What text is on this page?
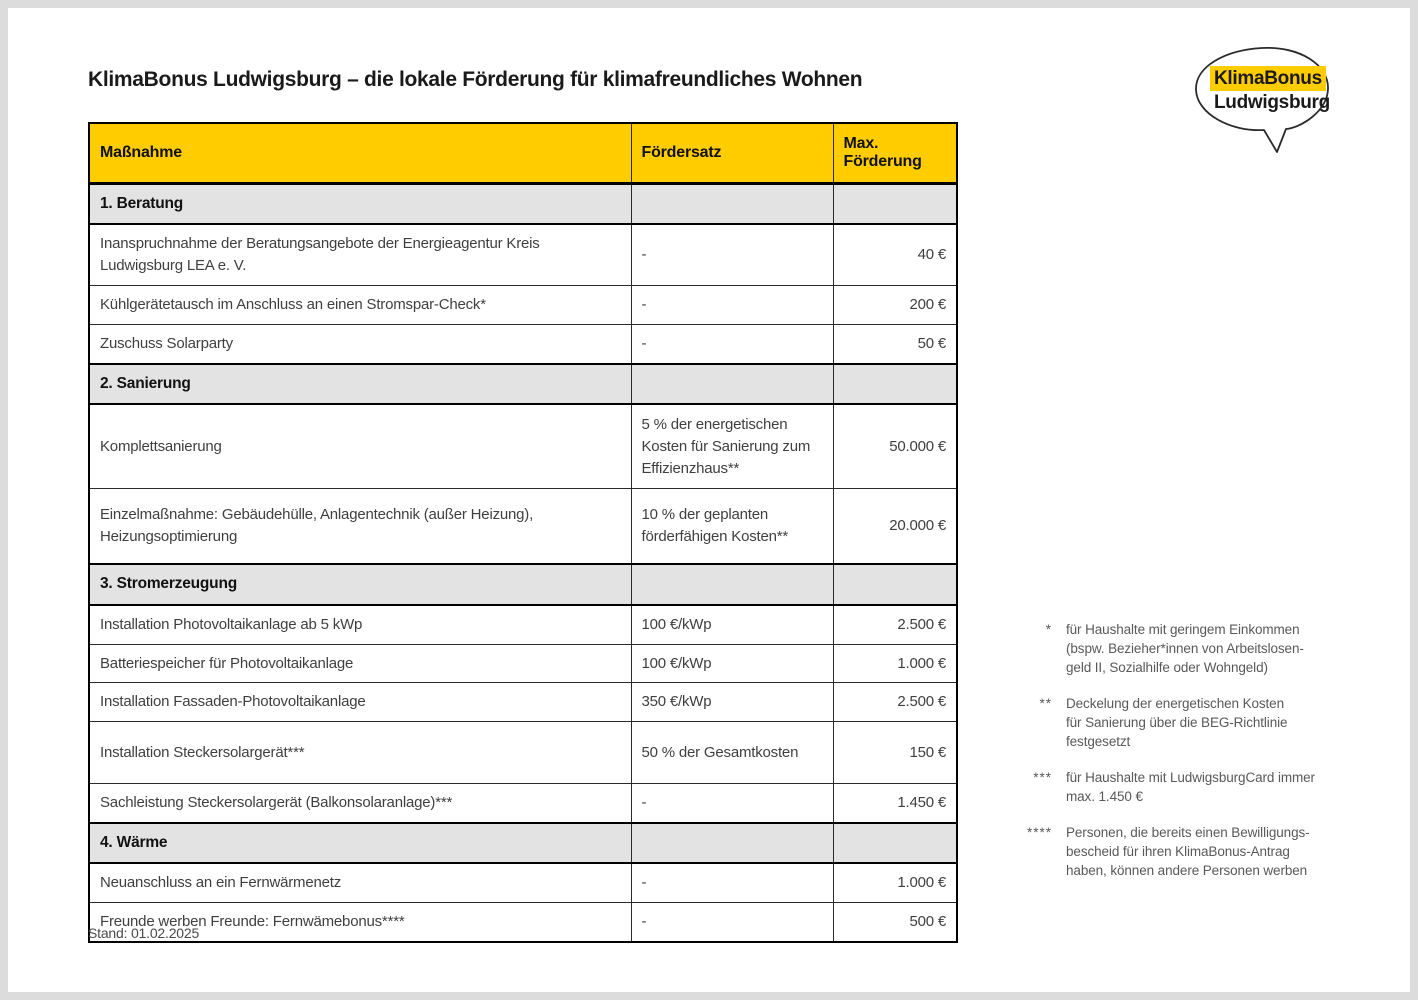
KlimaBonus Ludwigsburg – die lokale Förderung für klimafreundliches Wohnen	KlimaBonus
Ludwigsburg
Maßnahme	Fördersatz	Max. Förderung
1. Beratung		
Inanspruchnahme der Beratungsangebote der Energieagentur Kreis Ludwigsburg LEA e. V.	-	40 €
Kühlgerätetausch im Anschluss an einen Stromspar-Check*	-	200 €
Zuschuss Solarparty	-	50 €
2. Sanierung		
Komplettsanierung	5 % der energetischen Kosten für Sanierung zum Effizienzhaus**	50.000 €
Einzelmaßnahme: Gebäudehülle, Anlagentechnik (außer Heizung), Heizungsoptimierung	10 % der geplanten förderfähigen Kosten**	20.000 €
3. Stromerzeugung		
Installation Photovoltaikanlage ab 5 kWp	100 €/kWp	2.500 €
Batteriespeicher für Photovoltaikanlage	100 €/kWp	1.000 €
Installation Fassaden-Photovoltaikanlage	350 €/kWp	2.500 €
Installation Steckersolargerät***	50 % der Gesamtkosten	150 €
Sachleistung Steckersolargerät (Balkonsolaranlage)***	-	1.450 €
4. Wärme		
Neuanschluss an ein Fernwärmenetz	-	1.000 €
Freunde werben Freunde: Fernwämebonus****	-	500 €
Stand: 01.02.2025
*	für Haushalte mit geringem Einkommen
(bspw. Bezieher*innen von Arbeitslosen-
geld II, Sozialhilfe oder Wohngeld)
**	Deckelung der energetischen Kosten
für Sanierung über die BEG-Richtlinie
festgesetzt
***	für Haushalte mit LudwigsburgCard immer
max. 1.450 €
****	Personen, die bereits einen Bewilligungs-
bescheid für ihren KlimaBonus-Antrag
haben, können andere Personen werben
